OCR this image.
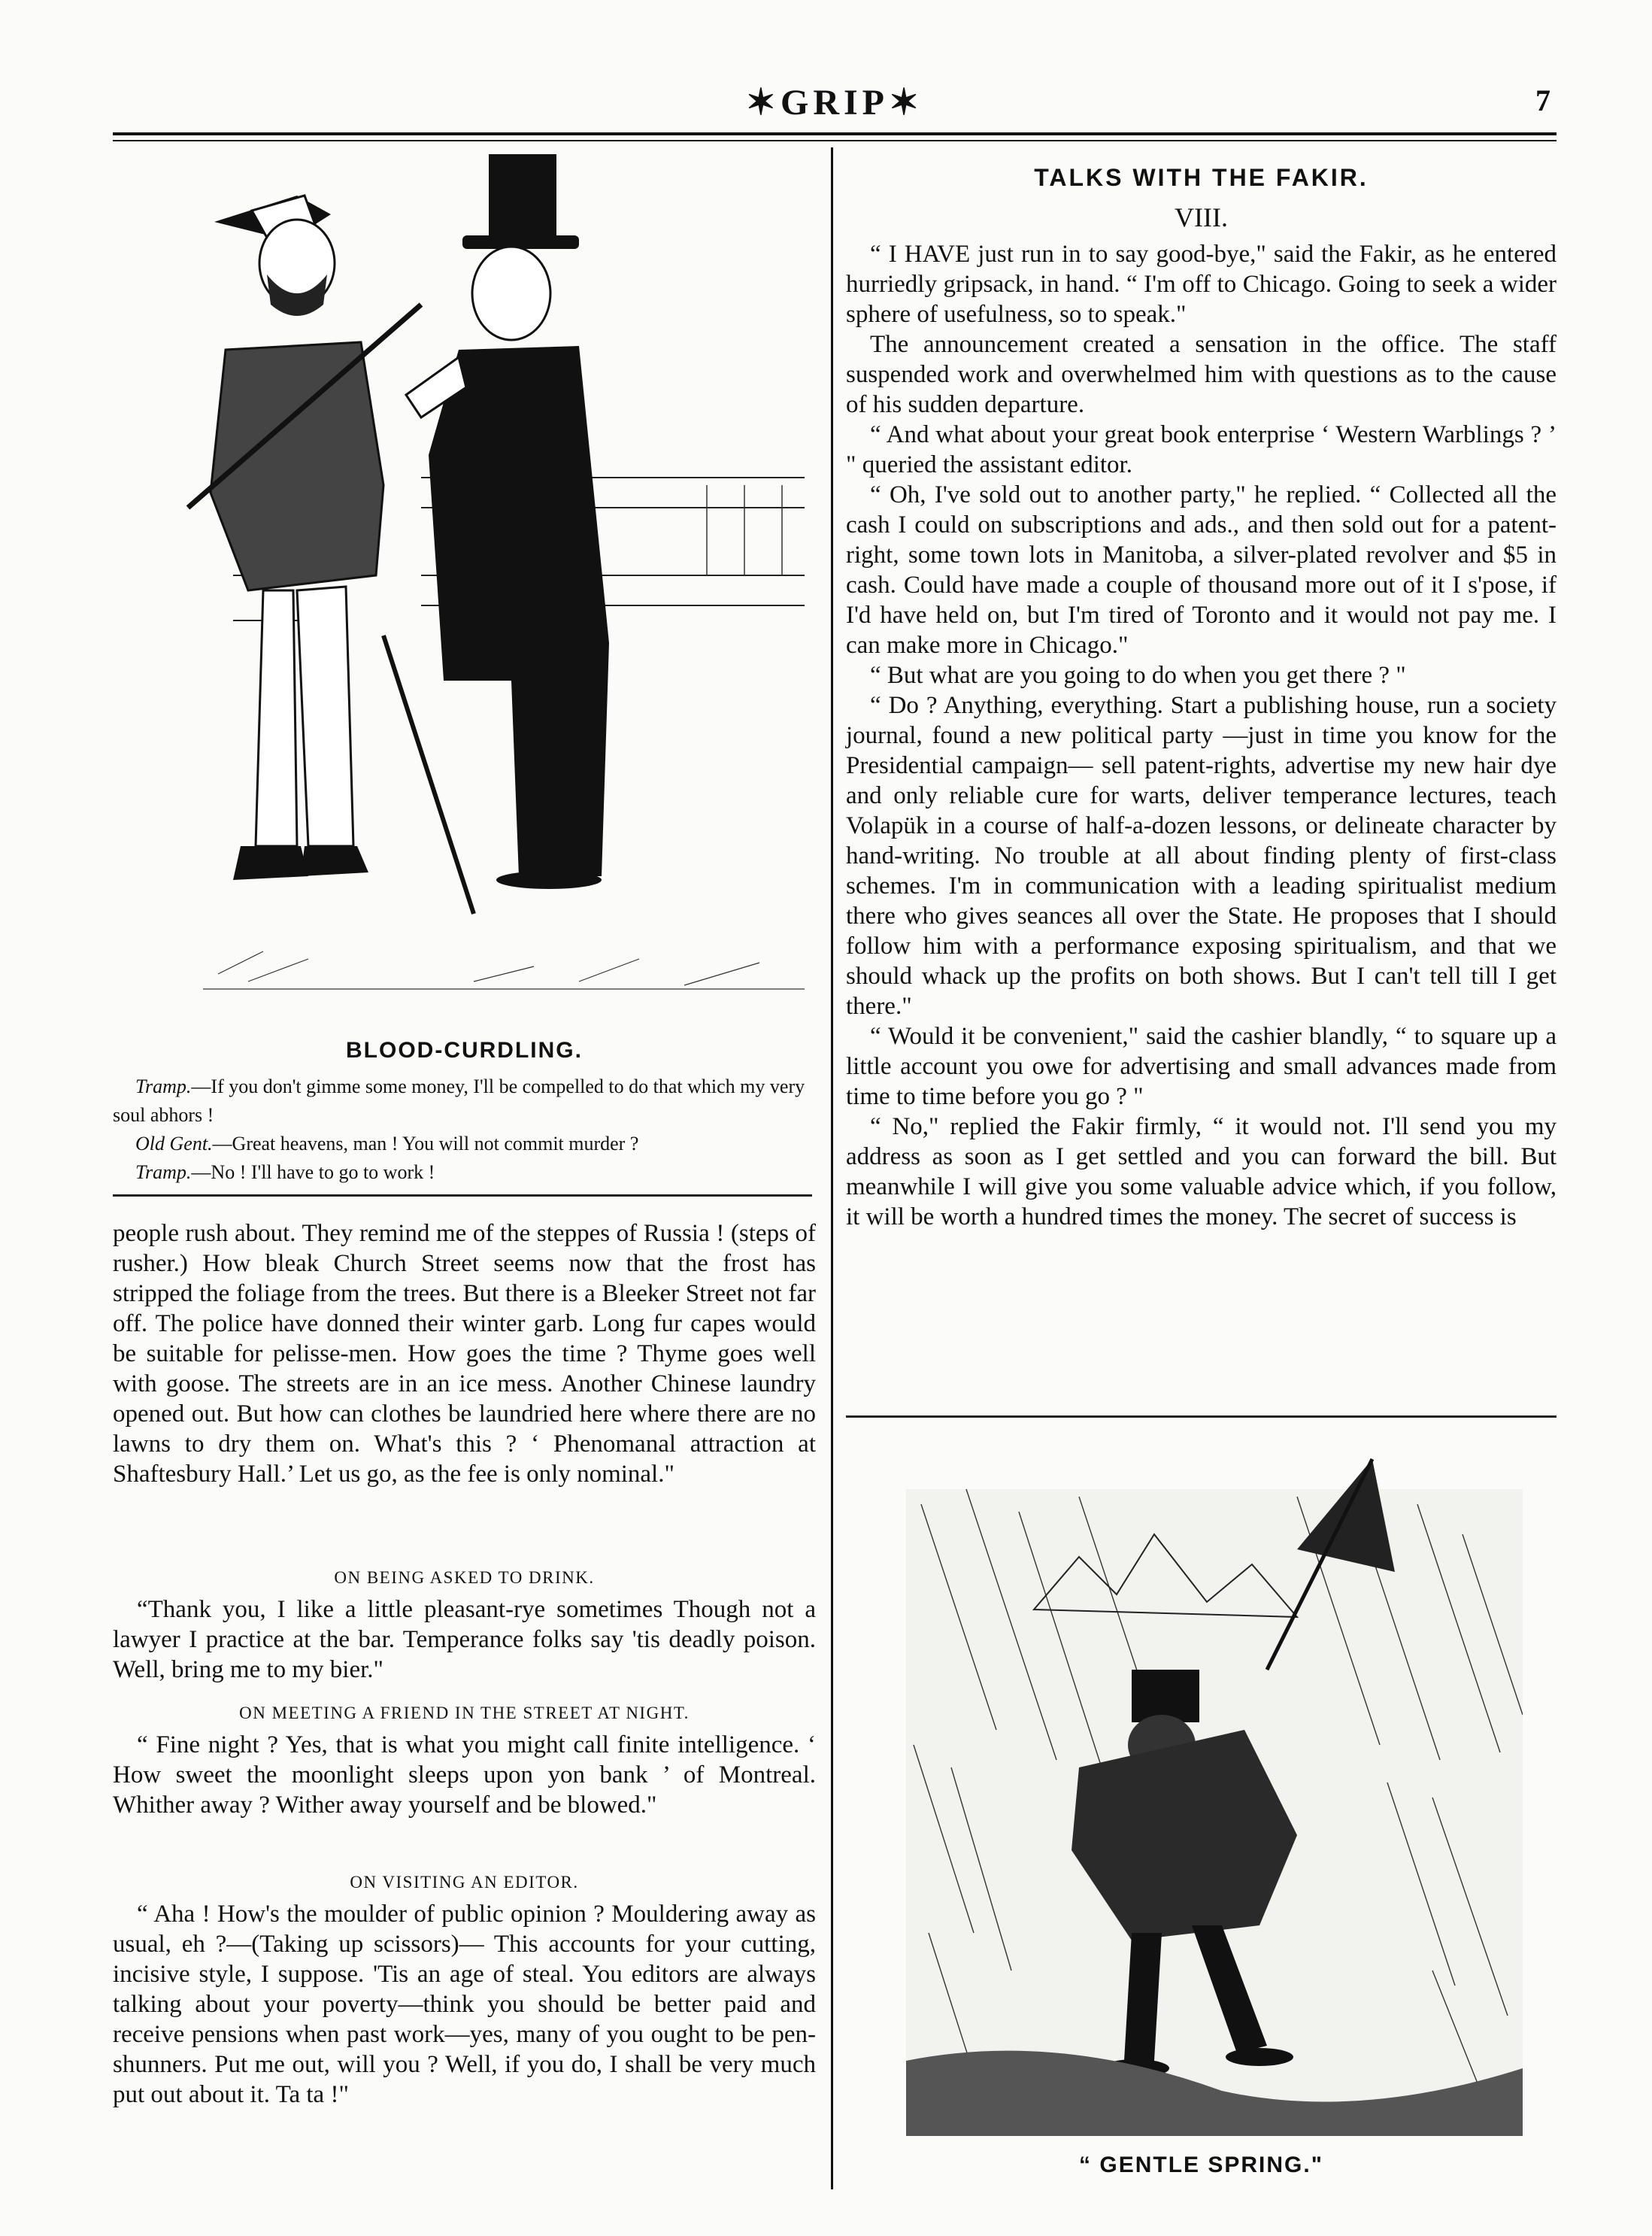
✶GRIP✶	7
BLOOD-CURDLING.

Tramp.—If you don't gimme some money, I'll be compelled to do that which my very soul abhors !

Old Gent.—Great heavens, man ! You will not commit murder ?

Tramp.—No ! I'll have to go to work !

people rush about. They remind me of the steppes of Russia ! (steps of rusher.) How bleak Church Street seems now that the frost has stripped the foliage from the trees. But there is a Bleeker Street not far off. The police have donned their winter garb. Long fur capes would be suitable for pelisse-men. How goes the time ? Thyme goes well with goose. The streets are in an ice mess. Another Chinese laundry opened out. But how can clothes be laundried here where there are no lawns to dry them on. What's this ? ‘ Phenomanal attraction at Shaftesbury Hall.’ Let us go, as the fee is only nominal."

ON BEING ASKED TO DRINK.

“Thank you, I like a little pleasant-rye sometimes Though not a lawyer I practice at the bar. Temperance folks say 'tis deadly poison. Well, bring me to my bier."

ON MEETING A FRIEND IN THE STREET AT NIGHT.

“ Fine night ? Yes, that is what you might call finite intelligence. ‘ How sweet the moonlight sleeps upon yon bank ’ of Montreal. Whither away ? Wither away yourself and be blowed."

ON VISITING AN EDITOR.

“ Aha ! How's the moulder of public opinion ? Mouldering away as usual, eh ?—(Taking up scissors)— This accounts for your cutting, incisive style, I suppose. 'Tis an age of steal. You editors are always talking about your poverty—think you should be better paid and receive pensions when past work—yes, many of you ought to be pen-shunners. Put me out, will you ? Well, if you do, I shall be very much put out about it. Ta ta !"

TALKS WITH THE FAKIR.
VIII.

“ I HAVE just run in to say good-bye," said the Fakir, as he entered hurriedly gripsack, in hand. “ I'm off to Chicago. Going to seek a wider sphere of usefulness, so to speak."

The announcement created a sensation in the office. The staff suspended work and overwhelmed him with questions as to the cause of his sudden departure.

“ And what about your great book enterprise ‘ Western Warblings ? ’ " queried the assistant editor.

“ Oh, I've sold out to another party," he replied. “ Collected all the cash I could on subscriptions and ads., and then sold out for a patent-right, some town lots in Manitoba, a silver-plated revolver and $5 in cash. Could have made a couple of thousand more out of it I s'pose, if I'd have held on, but I'm tired of Toronto and it would not pay me. I can make more in Chicago."

“ But what are you going to do when you get there ? "

“ Do ? Anything, everything. Start a publishing house, run a society journal, found a new political party —just in time you know for the Presidential campaign— sell patent-rights, advertise my new hair dye and only reliable cure for warts, deliver temperance lectures, teach Volapük in a course of half-a-dozen lessons, or delineate character by hand-writing. No trouble at all about finding plenty of first-class schemes. I'm in communication with a leading spiritualist medium there who gives seances all over the State. He proposes that I should follow him with a performance exposing spiritualism, and that we should whack up the profits on both shows. But I can't tell till I get there."

“ Would it be convenient," said the cashier blandly, “ to square up a little account you owe for advertising and small advances made from time to time before you go ? "

“ No," replied the Fakir firmly, “ it would not. I'll send you my address as soon as I get settled and you can forward the bill. But meanwhile I will give you some valuable advice which, if you follow, it will be worth a hundred times the money. The secret of success is

“ GENTLE SPRING."
